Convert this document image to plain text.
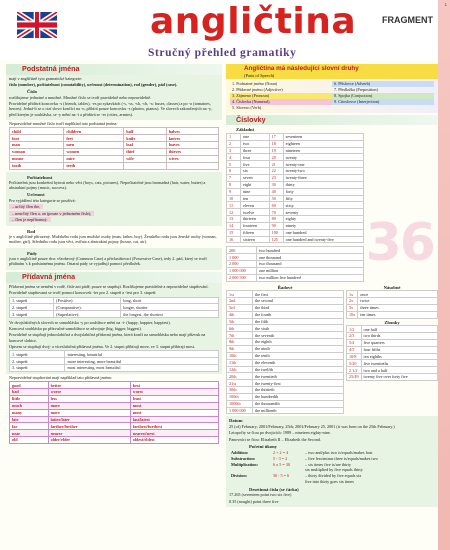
angličtina
Stručný přehled gramatiky
FRAGMENT
1
Podstatná jména

mají v angličtině tyto gramatické kategorie:

číslo (number), počitatelnost (countability), určenost (determination), rod (gender), pád (case).

Číslo

rozlišujeme jednotné a množné. Množné číslo se tvoří pravidelně nebo nepravidelně.

Pravidelné přidává koncovku -s (friends, tables), -es po sykavkách (-s, -ss, -sh, -ch, -x: buses, classes) a po -o (tomatoes, heroes). Jedná-li se o cizí slovo končící na -o, přibírá pouze koncovku -s (photos, pianos). Ve slovech zakončených na -y, před kterým je souhláska, se -y mění na -i a přidává se -es (cities, armies).

Nepravidelné množné číslo tvoří například tato podstatná jména:

child	children	half	halves
foot	feet	knife	knives
man	men	loaf	loaves
woman	women	thief	thieves
mouse	mice	wife	wives
tooth	teeth		

Počitatelnost

Počitatelná jsou konkrétní bytosti nebo věci (boys, cats, pictures). Nepočitatelné jsou hromadná (hair, water, butter) a abstraktní pojmy (music, success).

Určenost

Pro vyjádření této kategorie se používá:

– určitý člen the,

– neurčitý člen a, an (pouze v jednotném čísle),

– člen je nepřítomný.

Rod

je v angličtině přirozený. Mužského rodu jsou mužské osoby (man, father, boy). Ženského rodu jsou ženské osoby (woman, mother, girl). Středního rodu jsou věci, zvířata a abstraktní pojmy (house, cat, air).

Pády

jsou v angličtině pouze dva: všeobecný (Common Case) a přivlastňovací (Possessive Case), tedy 2. pád, který se tvoří přidáním 's k podstatnému jménu. Ostatní pády se vyjadřují pomocí předložek.

Přídavná jména

Přídavná jména se nemění v rodě, čísle ani pádě, pouze se stupňují. Rozlišujeme pravidelné a nepravidelné stupňování.

Pravidelně stupňovaná se tvoří pomocí koncovek -íer pro 2. stupeň a -ìest pro 3. stupeň:

1. stupeň	(Positive):	long, short
2. stupeň	(Comparative):	longer, shorter
3. stupeň	(Superlative):	the longest, the shortest

Ve dvojslabičných slovech se samohláska -y po souhlásce mění na -i- (happy, happier, happiest).

Koncová souhláska po přízvučné samohlásce se zdvojuje (big, bigger, biggest).

Pravidelně se stupňují jednoslabičná a dvojslabičná přídavná jména, která končí na samohlásku nebo mají přízvuk na koncové slabice.

Opisem se stupňují dvoj- a víceslabičná přídavná jména. Ve 2. stupni přibírají more, ve 3. stupni přibírají most.

1. stupeň:	interesting, beautiful
2. stupeň:	more interesting, more beautiful
3. stupeň:	most interesting, most beautiful

Nepravidelné stupňování mají například tato přídavná jména:

good	better	best
bad	worse	worst
little	less	least
much	more	most
many	more	most
late	latter/later	last/latest
far	farther/further	farthest/furthest
near	nearer	nearest/next
old	older/elder	oldest/eldest
Angličtina má následující slovní druhy
(Parts of Speech)

1. Podstatné jméno (Noun)

2. Přídavné jméno (Adjective)

3. Zájmeno (Pronoun)

4. Číslovka (Numeral)

5. Sloveso (Verb)

6. Příslovce (Adverb)

7. Předložka (Preposition)

8. Spojka (Conjuction)

9. Citoslovce (Interjection)

Číslovky

Základní

1	one	17	seventeen
2	two	18	eighteen
3	three	19	nineteen
4	four	20	twenty
5	five	21	twenty-one
6	six	22	twenty-two
7	seven	23	twenty-three
8	eight	30	thirty
9	nine	40	forty
10	ten	50	fifty
11	eleven	60	sixty
12	twelve	70	seventy
13	thirteen	80	eighty
14	fourteen	90	ninety
15	fifteen	100	one hundred
16	sixteen	125	one hundred and twenty-five
200	two hundred
1 000	one thousand
2 000	two thousand
1 000 000	one million
2 000 500	two million five hundred

Řadové

1st	the first
2nd	the second
3rd	the third
4th	the fourth
5th	the fifth
6th	the sixth
7th	the seventh
8th	the eighth
9th	the ninth
10th	the tenth
11th	the eleventh
12th	the twelfth
20th	the twentieth
21st	the twenty-first
30th	the thirtieth
100th	the hundredth
1000th	the thousandth
1 000 000	the millionth

Násobné

1x	once
2x	twice
3x	three times
10x	ten times

Zlomky

1/2	one half
2/3	two thirds
5/4	five quarters
4/5	four fifths
10/8	ten eighths
5/20	five twentieths
2 1/2	two and a half
25/49	twenty five over forty five

Datum

25 (of) February; 2001/February, 25th; 2001/February 25, 2001 (it was born on the 25th February.)

Letopočty se čtou po dvojicích: 1989 – nineteen eighty-nine.

Panovníci se čtou: Elizabeth II – Elizabeth the Second.

Početní úkony

Addition:	2 + 2 = 4	– two and/plus two is/equals/makes four
Substraction:	5 - 3 = 2	– five less/minus three is/equals/makes two
Multiplication:	6 x 5 = 30	– six times five is/are thirty
		six multiplied by five equals thirty
Division:	30 : 5 = 6	– thirty divided by five equals six
		five into thirty goes six times

Desetinná čísla (se čárka)

17.265 (seventeen point two six five)

0.35 (nought) point three five

36
